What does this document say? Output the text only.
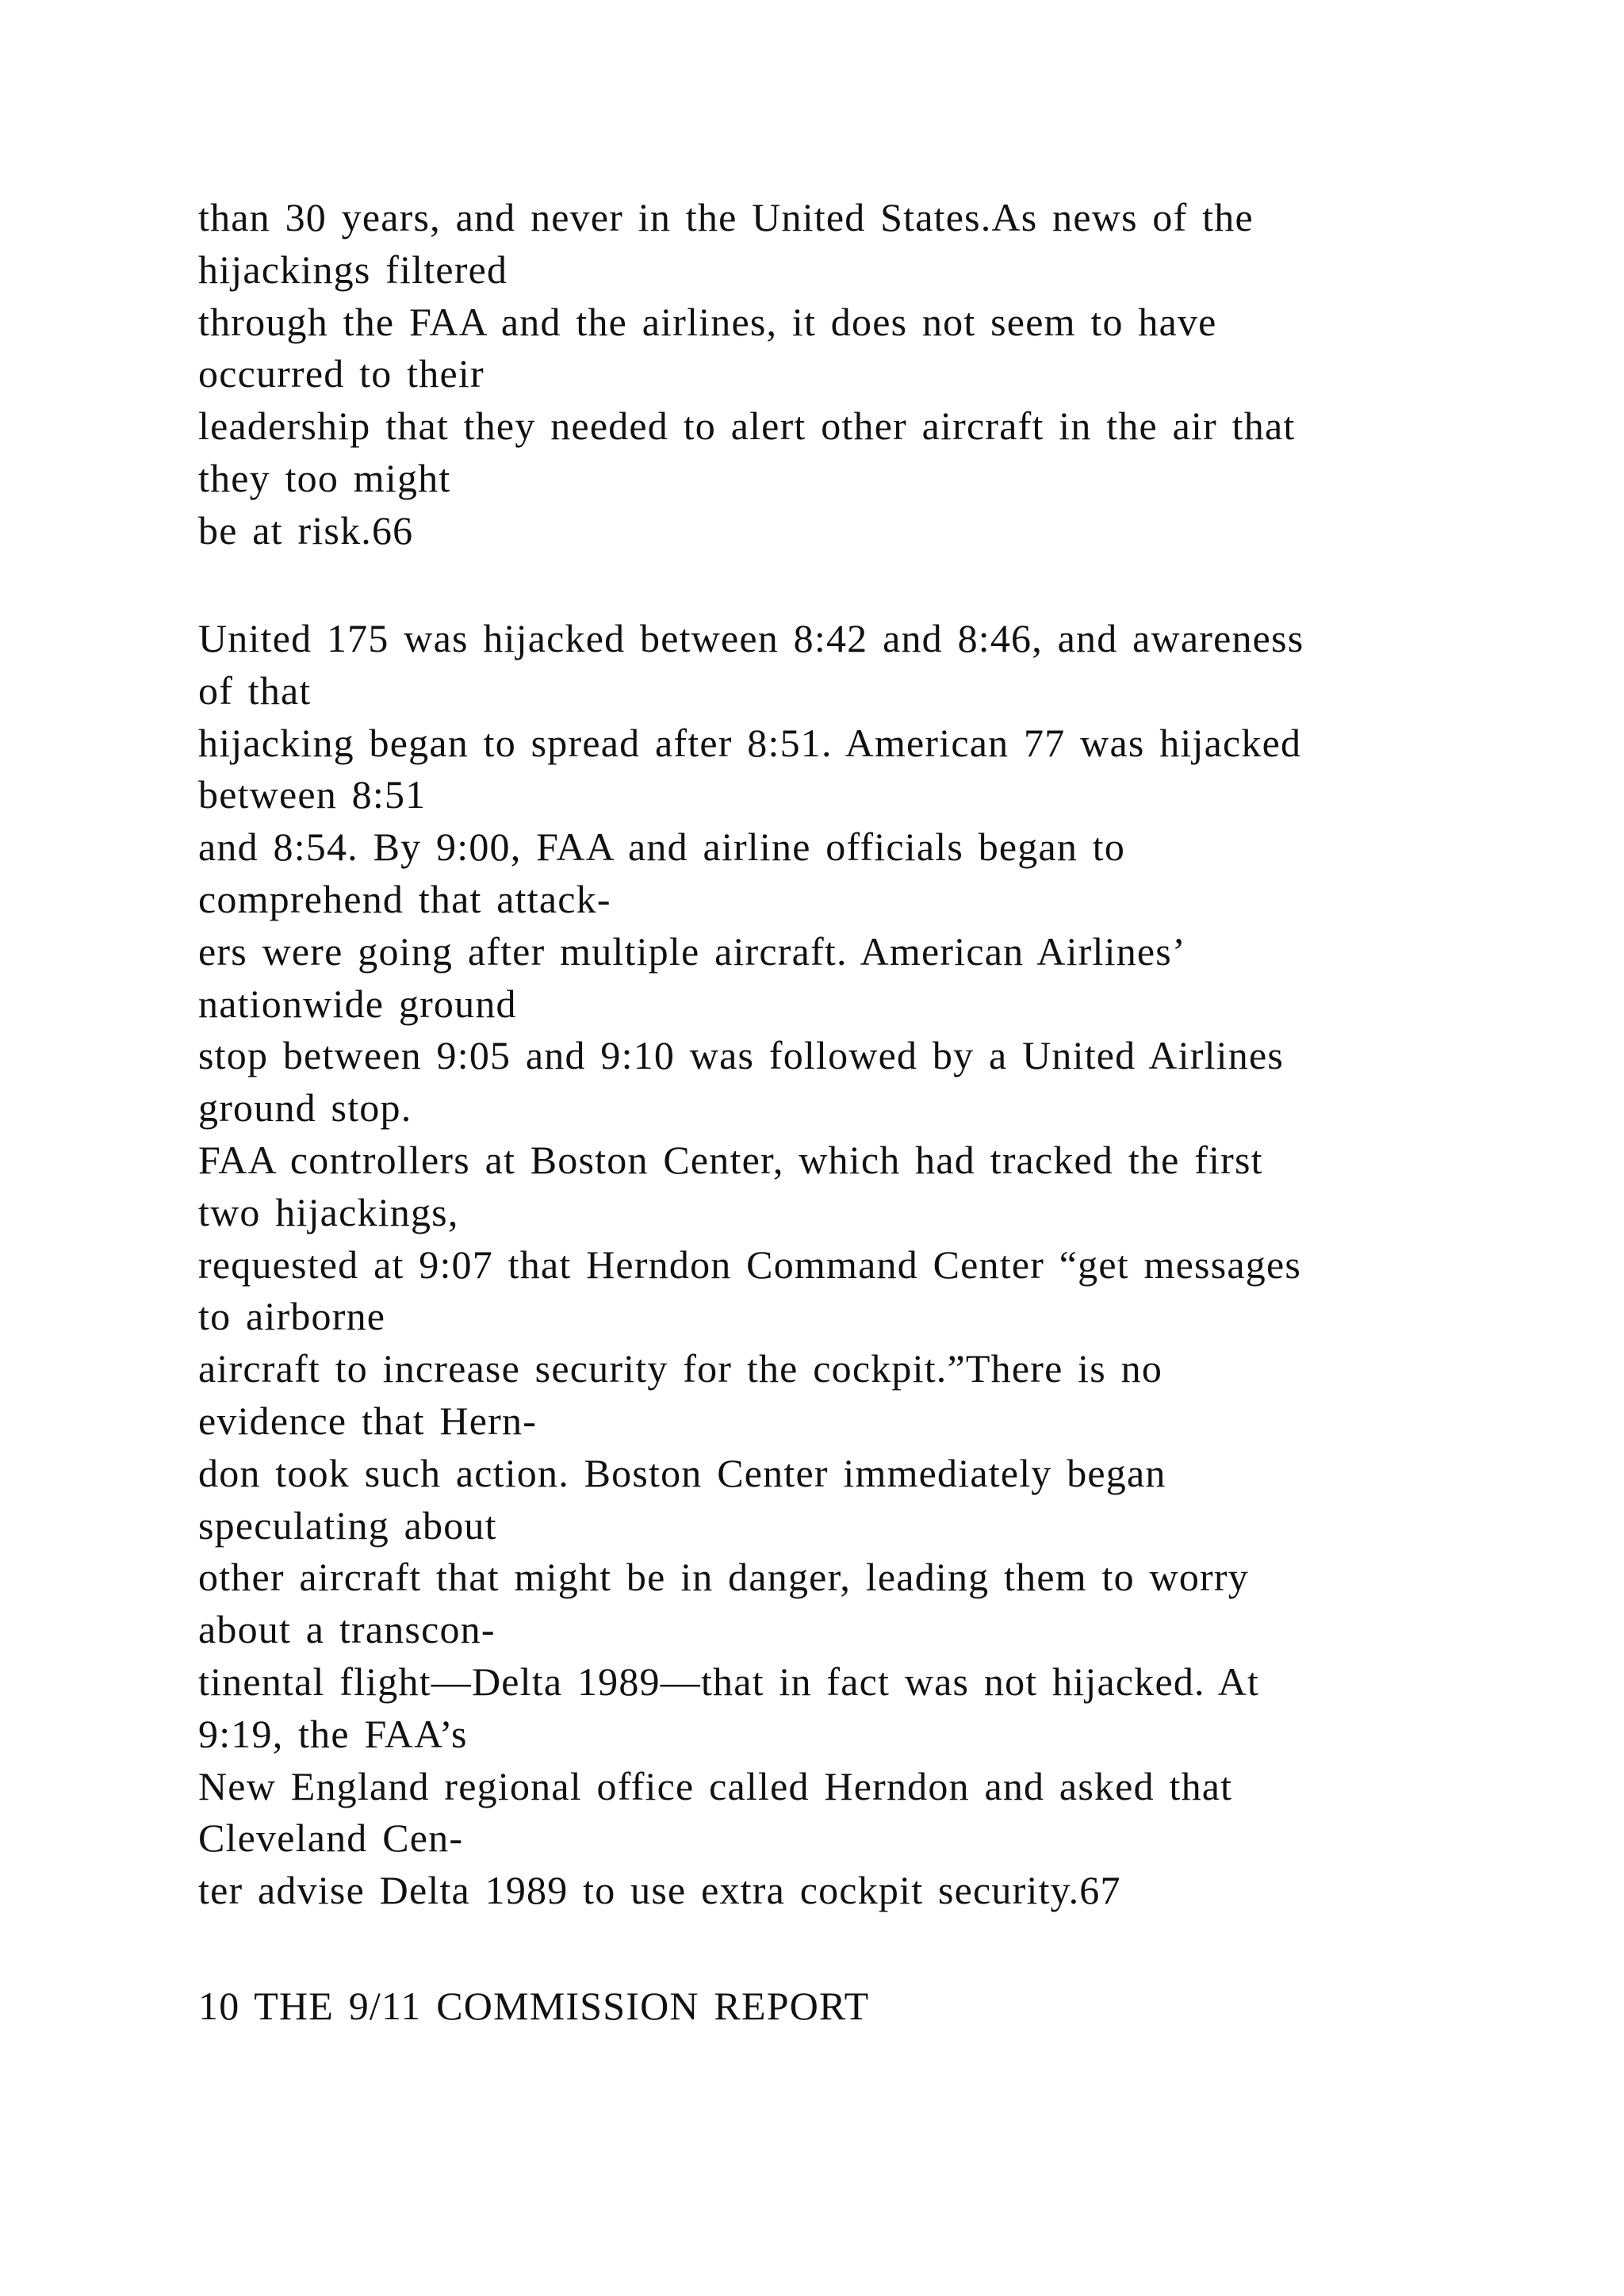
than 30 years, and never in the United States.As news of the
hijackings filtered
through the FAA and the airlines, it does not seem to have
occurred to their
leadership that they needed to alert other aircraft in the air that
they too might
be at risk.66
United 175 was hijacked between 8:42 and 8:46, and awareness
of that
hijacking began to spread after 8:51. American 77 was hijacked
between 8:51
and 8:54. By 9:00, FAA and airline officials began to
comprehend that attack-
ers were going after multiple aircraft. American Airlines’
nationwide ground
stop between 9:05 and 9:10 was followed by a United Airlines
ground stop.
FAA controllers at Boston Center, which had tracked the first
two hijackings,
requested at 9:07 that Herndon Command Center “get messages
to airborne
aircraft to increase security for the cockpit.”There is no
evidence that Hern-
don took such action. Boston Center immediately began
speculating about
other aircraft that might be in danger, leading them to worry
about a transcon-
tinental flight—Delta 1989—that in fact was not hijacked. At
9:19, the FAA’s
New England regional office called Herndon and asked that
Cleveland Cen-
ter advise Delta 1989 to use extra cockpit security.67
10 THE 9/11 COMMISSION REPORT
